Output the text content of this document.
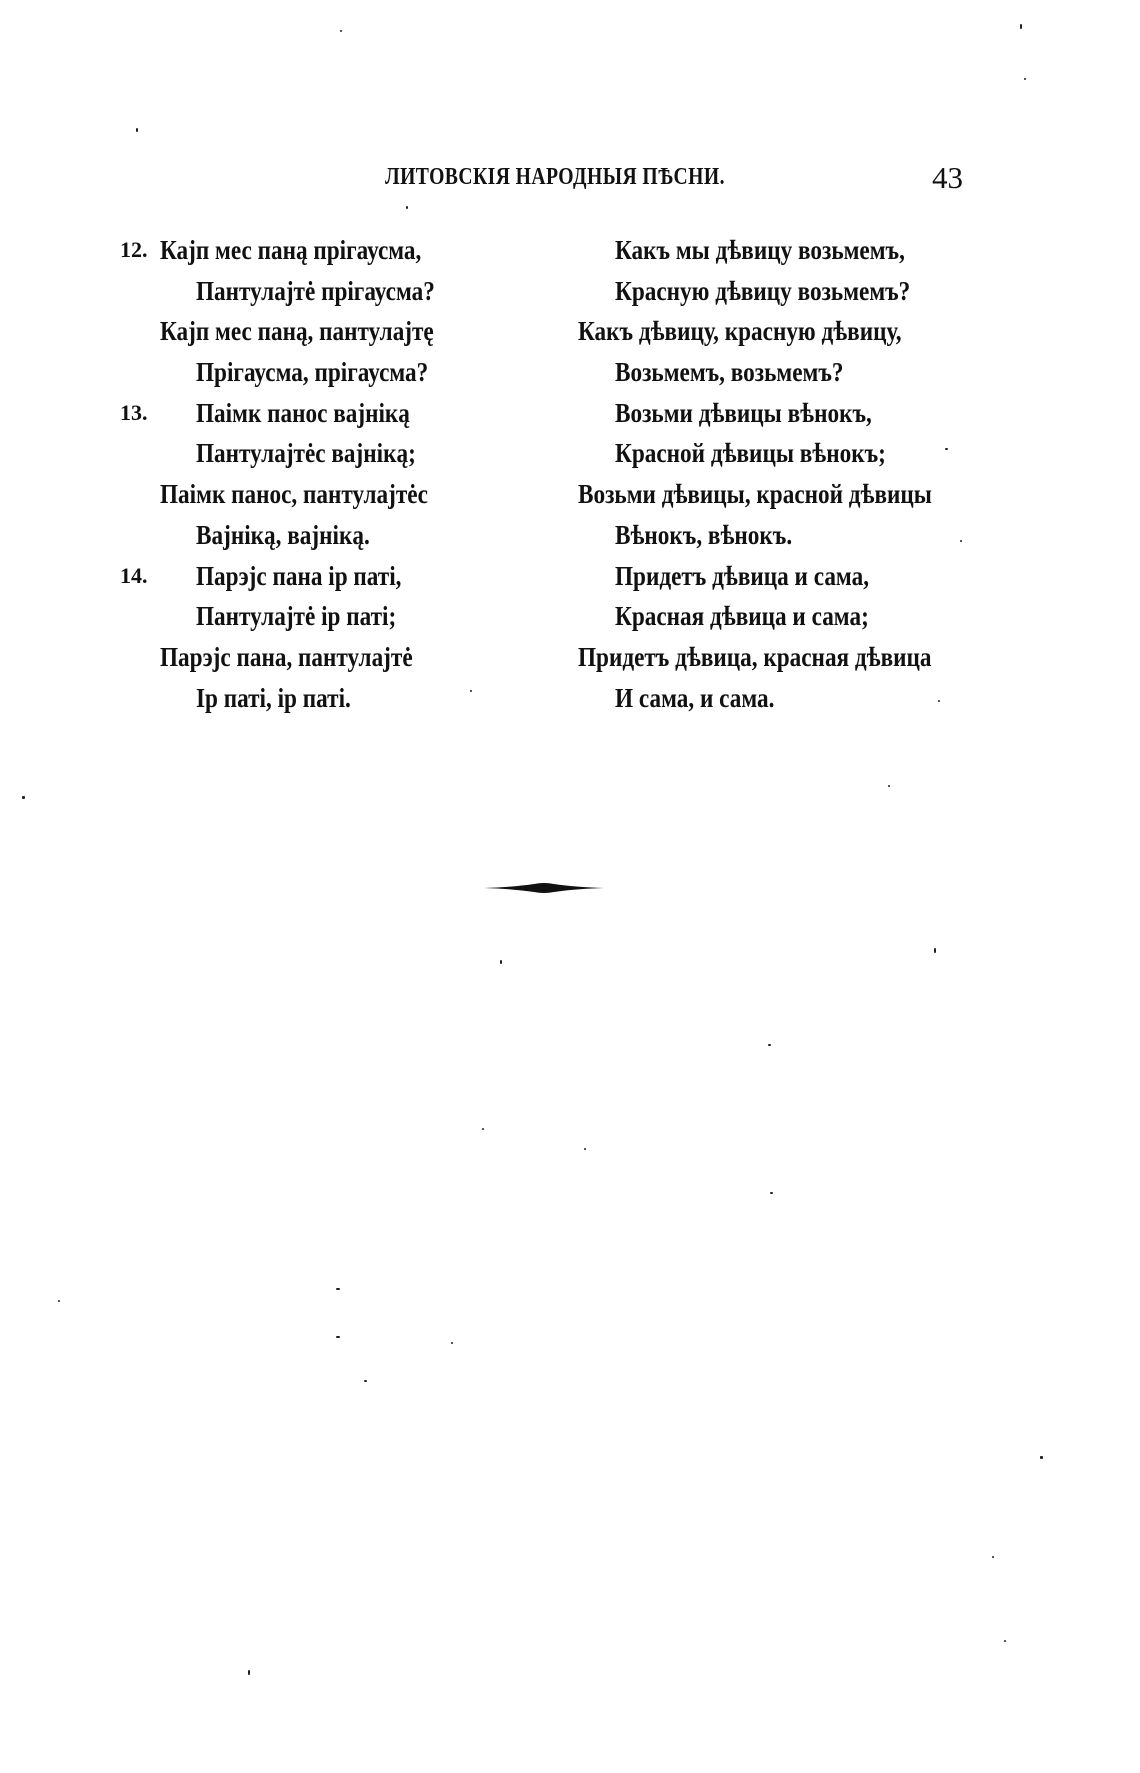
ЛИТОВСКІЯ НАРОДНЫЯ ПѢСНИ.	43
12. Кајп мес пaнą прiгаусма,
Пантулајтė прiгаусма?
Кајп мес пaнą, пантулајтę
Прiгаусма, прiгаусма?
13. Паiмк панос вајнiкą
Пантулајтėс вајнiкą;
Паiмк панос, пантулајтėс
Вајнiкą, вајнiкą.
14. Парэјс пана iр патi,
Пантулајтė iр патi;
Парэјс пана, пантулајтė
Iр патi, iр патi.
Какъ мы дѣвицу возьмемъ,
Красную дѣвицу возьмемъ?
Какъ дѣвицу, красную дѣвицу,
Возьмемъ, возьмемъ?
Возьми дѣвицы вѣнокъ,
Красной дѣвицы вѣнокъ;
Возьми дѣвицы, красной дѣвицы
Вѣнокъ, вѣнокъ.
Придетъ дѣвица и сама,
Красная дѣвица и сама;
Придетъ дѣвица, красная дѣвица
И сама, и сама.
